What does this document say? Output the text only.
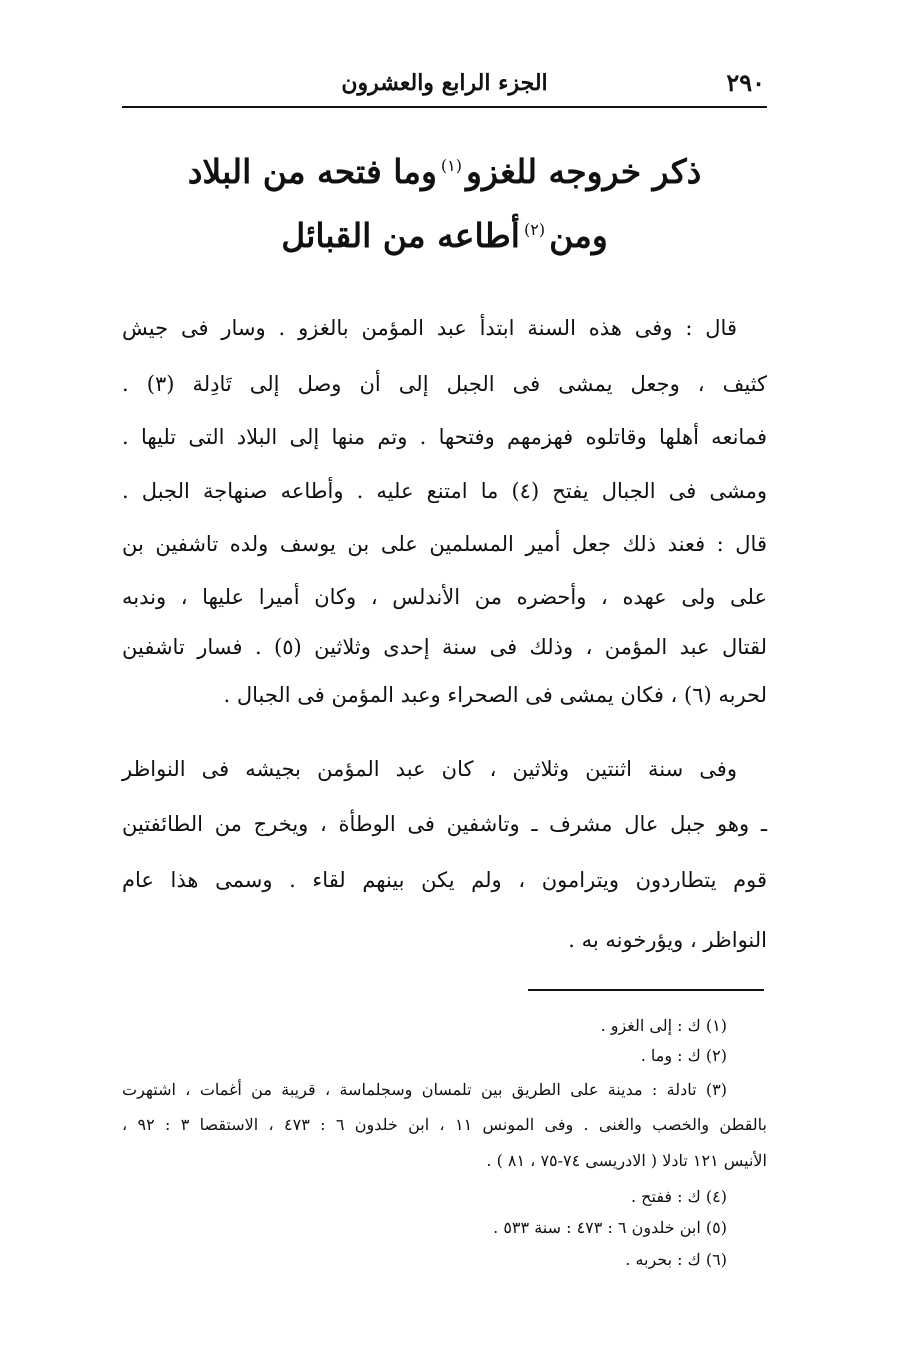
٢٩٠
الجزء الرابع والعشرون
ذكر خروجه للغزو$^{(١)}$وما فتحه من البلاد
ومن$^{(٢)}$أطاعه من القبائل
قال : وفى هذه السنة ابتدأ عبد المؤمن بالغزو . وسار فى جيش
كثيف ، وجعل يمشى فى الجبل إلى أن وصل إلى تَادِلة (٣) .
فمانعه أهلها وقاتلوه فهزمهم وفتحها . وتم منها إلى البلاد التى تليها .
ومشى فى الجبال يفتح (٤) ما امتنع عليه . وأطاعه صنهاجة الجبل .
قال : فعند ذلك جعل أمير المسلمين على بن يوسف ولده تاشفين بن
على ولى عهده ، وأحضره من الأندلس ، وكان أميرا عليها ، وندبه
لقتال عبد المؤمن ، وذلك فى سنة إحدى وثلاثين (٥) . فسار تاشفين
لحربه (٦) ، فكان يمشى فى الصحراء وعبد المؤمن فى الجبال .
وفى سنة اثنتين وثلاثين ، كان عبد المؤمن بجيشه فى النواظر
ـ وهو جبل عال مشرف ـ وتاشفين فى الوطأة ، ويخرج من الطائفتين
قوم يتطاردون ويترامون ، ولم يكن بينهم لقاء . وسمى هذا عام
النواظر ، ويؤرخونه به .
(١) ك : إلى الغزو .
(٢) ك : وما .
(٣) تادلة : مدينة على الطريق بين تلمسان وسجلماسة ، قريبة من أغمات ، اشتهرت
بالقطن والخصب والغنى . وفى المونس ١١ ، ابن خلدون ٦ : ٤٧٣ ، الاستقصا ٣ : ٩٢ ،
الأنيس ١٢١ تادلا ( الادريسى ٧٤-٧٥ ، ٨١ ) .
(٤) ك : ففتح .
(٥) ابن خلدون ٦ : ٤٧٣ : سنة ٥٣٣ .
(٦) ك : بحربه .
